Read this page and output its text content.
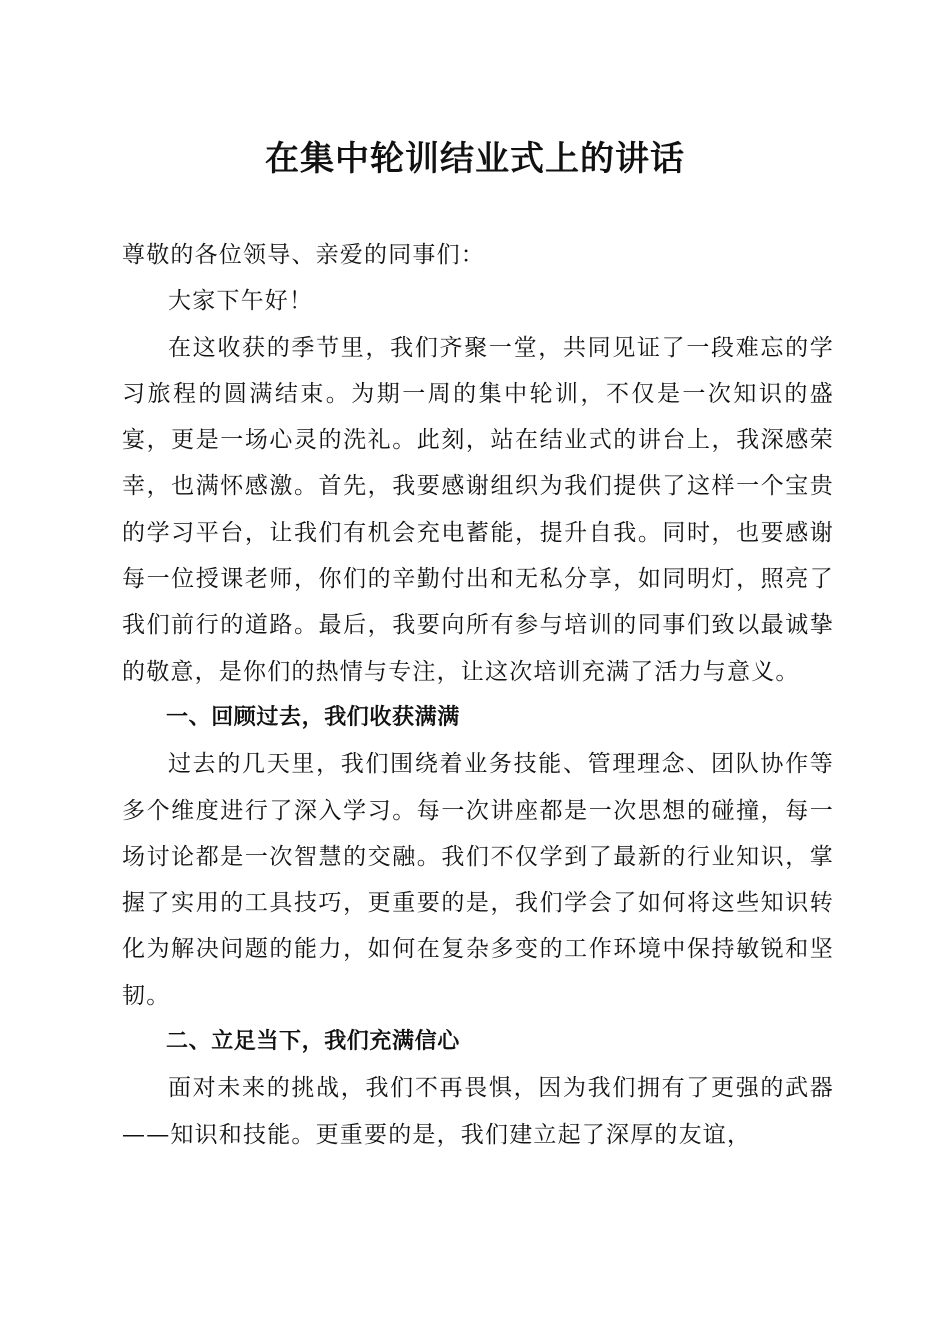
在集中轮训结业式上的讲话

尊敬的各位领导、亲爱的同事们：

大家下午好！

在这收获的季节里，我们齐聚一堂，共同见证了一段难忘的学习旅程的圆满结束。为期一周的集中轮训，不仅是一次知识的盛宴，更是一场心灵的洗礼。此刻，站在结业式的讲台上，我深感荣幸，也满怀感激。首先，我要感谢组织为我们提供了这样一个宝贵的学习平台，让我们有机会充电蓄能，提升自我。同时，也要感谢每一位授课老师，你们的辛勤付出和无私分享，如同明灯，照亮了我们前行的道路。最后，我要向所有参与培训的同事们致以最诚挚的敬意，是你们的热情与专注，让这次培训充满了活力与意义。

一、回顾过去，我们收获满满

过去的几天里，我们围绕着业务技能、管理理念、团队协作等多个维度进行了深入学习。每一次讲座都是一次思想的碰撞，每一场讨论都是一次智慧的交融。我们不仅学到了最新的行业知识，掌握了实用的工具技巧，更重要的是，我们学会了如何将这些知识转化为解决问题的能力，如何在复杂多变的工作环境中保持敏锐和坚韧。

二、立足当下，我们充满信心

面对未来的挑战，我们不再畏惧，因为我们拥有了更强的武器——知识和技能。更重要的是，我们建立起了深厚的友谊，
